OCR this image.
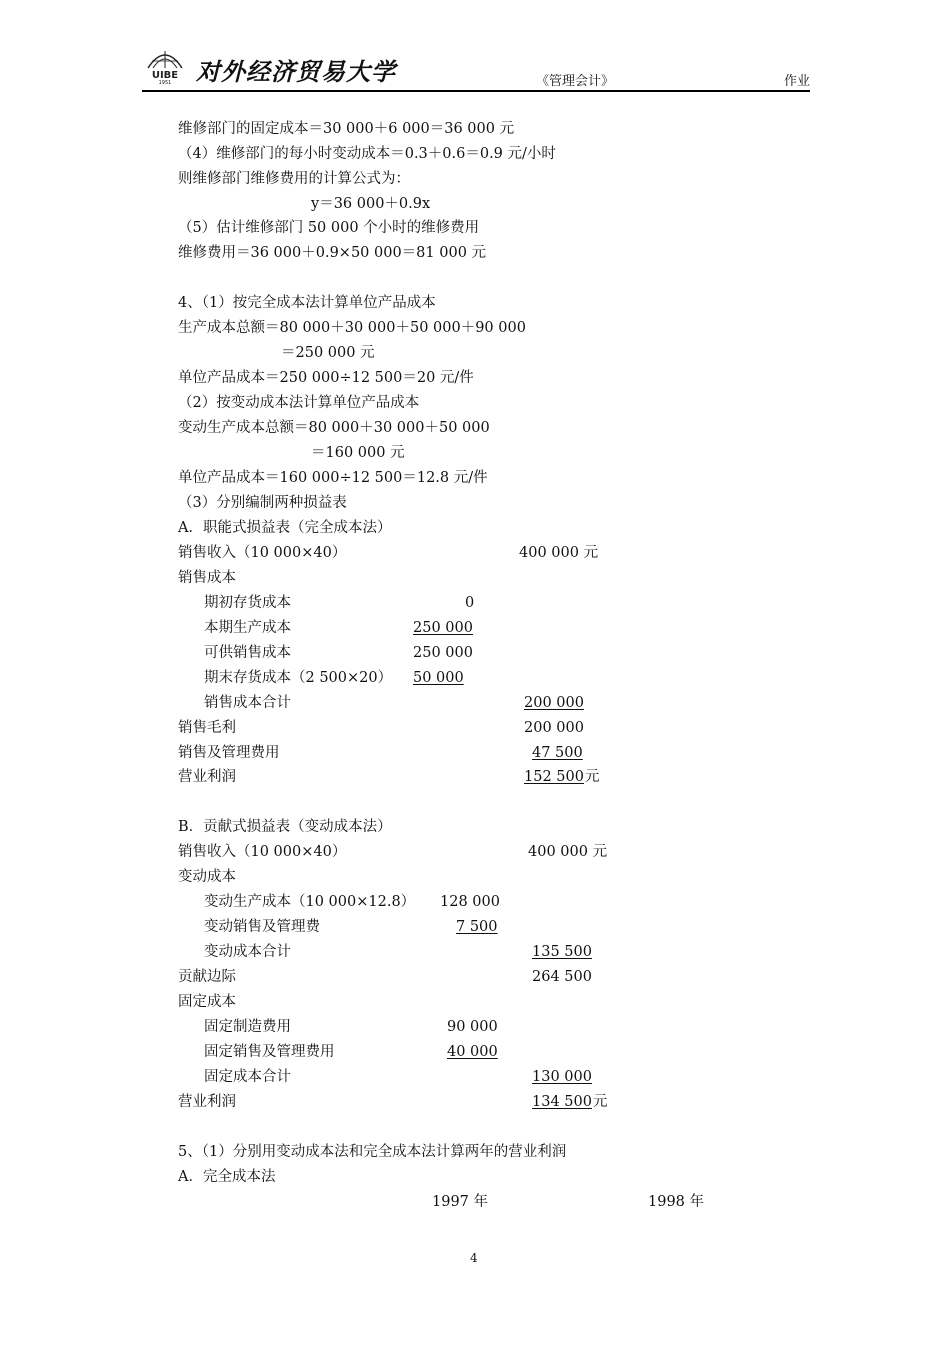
UIBE
1951 对外经济贸易大学	《管理会计》	作业
维修部门的固定成本＝30 000＋6 000＝36 000 元
（4）维修部门的每小时变动成本＝0.3＋0.6＝0.9 元/小时
则维修部门维修费用的计算公式为：
y＝36 000＋0.9x
（5）估计维修部门 50 000 个小时的维修费用
维修费用＝36 000＋0.9×50 000＝81 000 元
4、（1）按完全成本法计算单位产品成本
生产成本总额＝80 000＋30 000＋50 000＋90 000
＝250 000 元
单位产品成本＝250 000÷12 500＝20 元/件
（2）按变动成本法计算单位产品成本
变动生产成本总额＝80 000＋30 000＋50 000
＝160 000 元
单位产品成本＝160 000÷12 500＝12.8 元/件
（3）分别编制两种损益表
A．职能式损益表（完全成本法）
销售收入（10 000×40）	400 000 元
销售成本
期初存货成本	0
本期生产成本	250 000
可供销售成本	250 000
期末存货成本（2 500×20） 50 000
销售成本合计	200 000
销售毛利	200 000
销售及管理费用	47 500
营业利润	152 500 元
B．贡献式损益表（变动成本法）
销售收入（10 000×40）	400 000 元
变动成本
变动生产成本（10 000×12.8） 128 000
变动销售及管理费	7 500
变动成本合计	135 500
贡献边际	264 500
固定成本
固定制造费用	90 000
固定销售及管理费用	40 000
固定成本合计	130 000
营业利润	134 500 元
5、（1）分别用变动成本法和完全成本法计算两年的营业利润
A．完全成本法
1997 年	1998 年
4
